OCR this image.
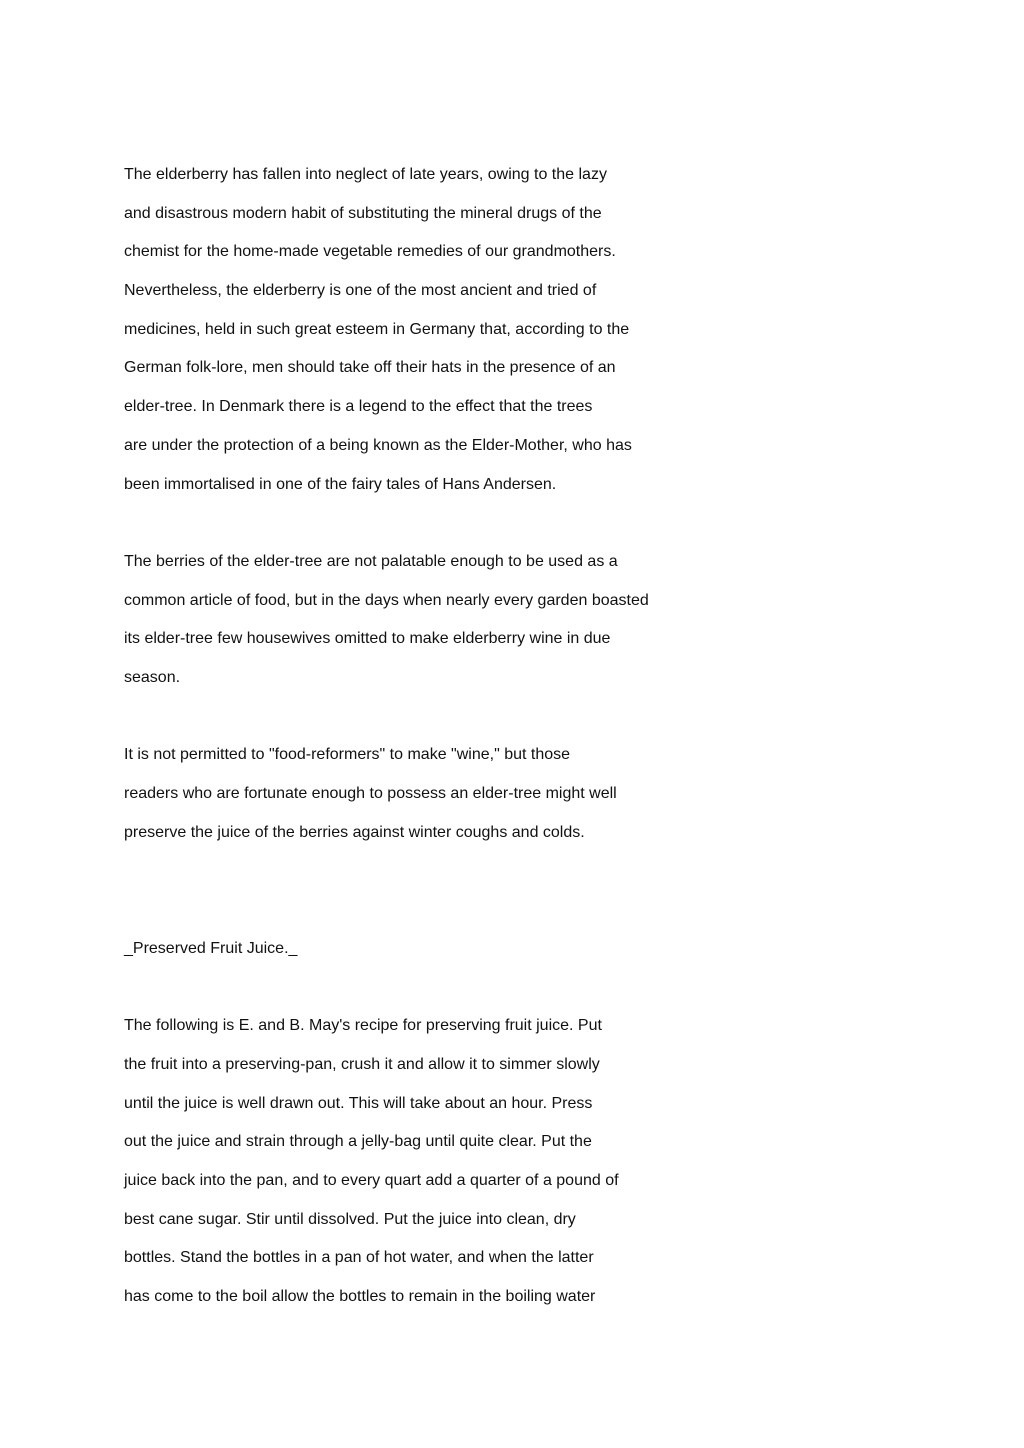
The elderberry has fallen into neglect of late years, owing to the lazy
and disastrous modern habit of substituting the mineral drugs of the
chemist for the home-made vegetable remedies of our grandmothers.
Nevertheless, the elderberry is one of the most ancient and tried of
medicines, held in such great esteem in Germany that, according to the
German folk-lore, men should take off their hats in the presence of an
elder-tree. In Denmark there is a legend to the effect that the trees
are under the protection of a being known as the Elder-Mother, who has
been immortalised in one of the fairy tales of Hans Andersen.
The berries of the elder-tree are not palatable enough to be used as a
common article of food, but in the days when nearly every garden boasted
its elder-tree few housewives omitted to make elderberry wine in due
season.
It is not permitted to "food-reformers" to make "wine," but those
readers who are fortunate enough to possess an elder-tree might well
preserve the juice of the berries against winter coughs and colds.
_Preserved Fruit Juice._
The following is E. and B. May's recipe for preserving fruit juice. Put
the fruit into a preserving-pan, crush it and allow it to simmer slowly
until the juice is well drawn out. This will take about an hour. Press
out the juice and strain through a jelly-bag until quite clear. Put the
juice back into the pan, and to every quart add a quarter of a pound of
best cane sugar. Stir until dissolved. Put the juice into clean, dry
bottles. Stand the bottles in a pan of hot water, and when the latter
has come to the boil allow the bottles to remain in the boiling water
